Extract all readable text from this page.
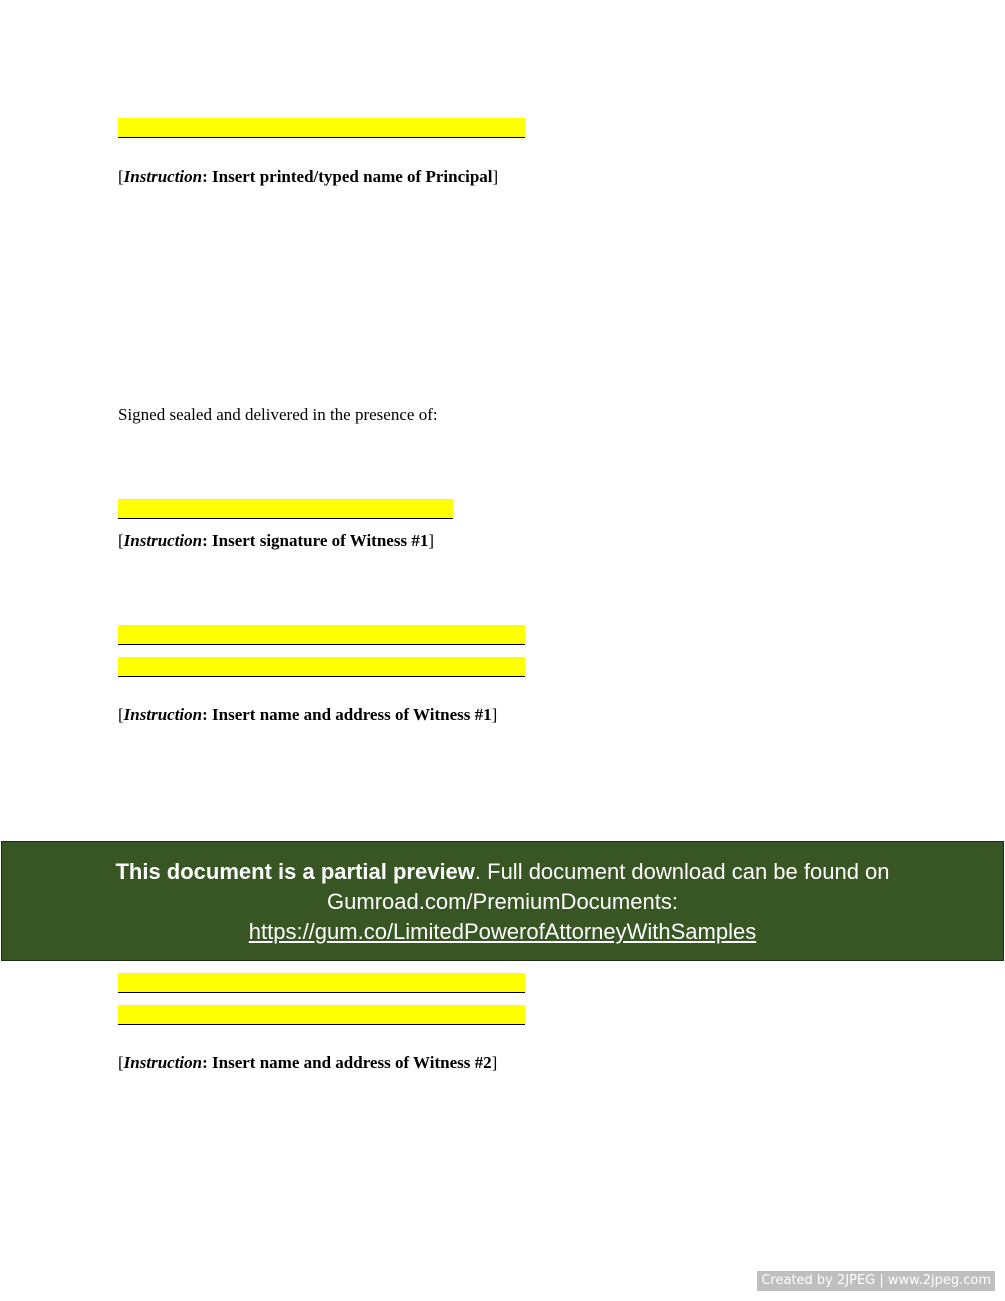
[Instruction: Insert printed/typed name of Principal]
Signed sealed and delivered in the presence of:
[Instruction: Insert signature of Witness #1]
[Instruction: Insert name and address of Witness #1]
This document is a partial preview. Full document download can be found on
Gumroad.com/PremiumDocuments:
https://gum.co/LimitedPowerofAttorneyWithSamples
[Instruction: Insert name and address of Witness #2]
Created by 2JPEG | www.2jpeg.com
